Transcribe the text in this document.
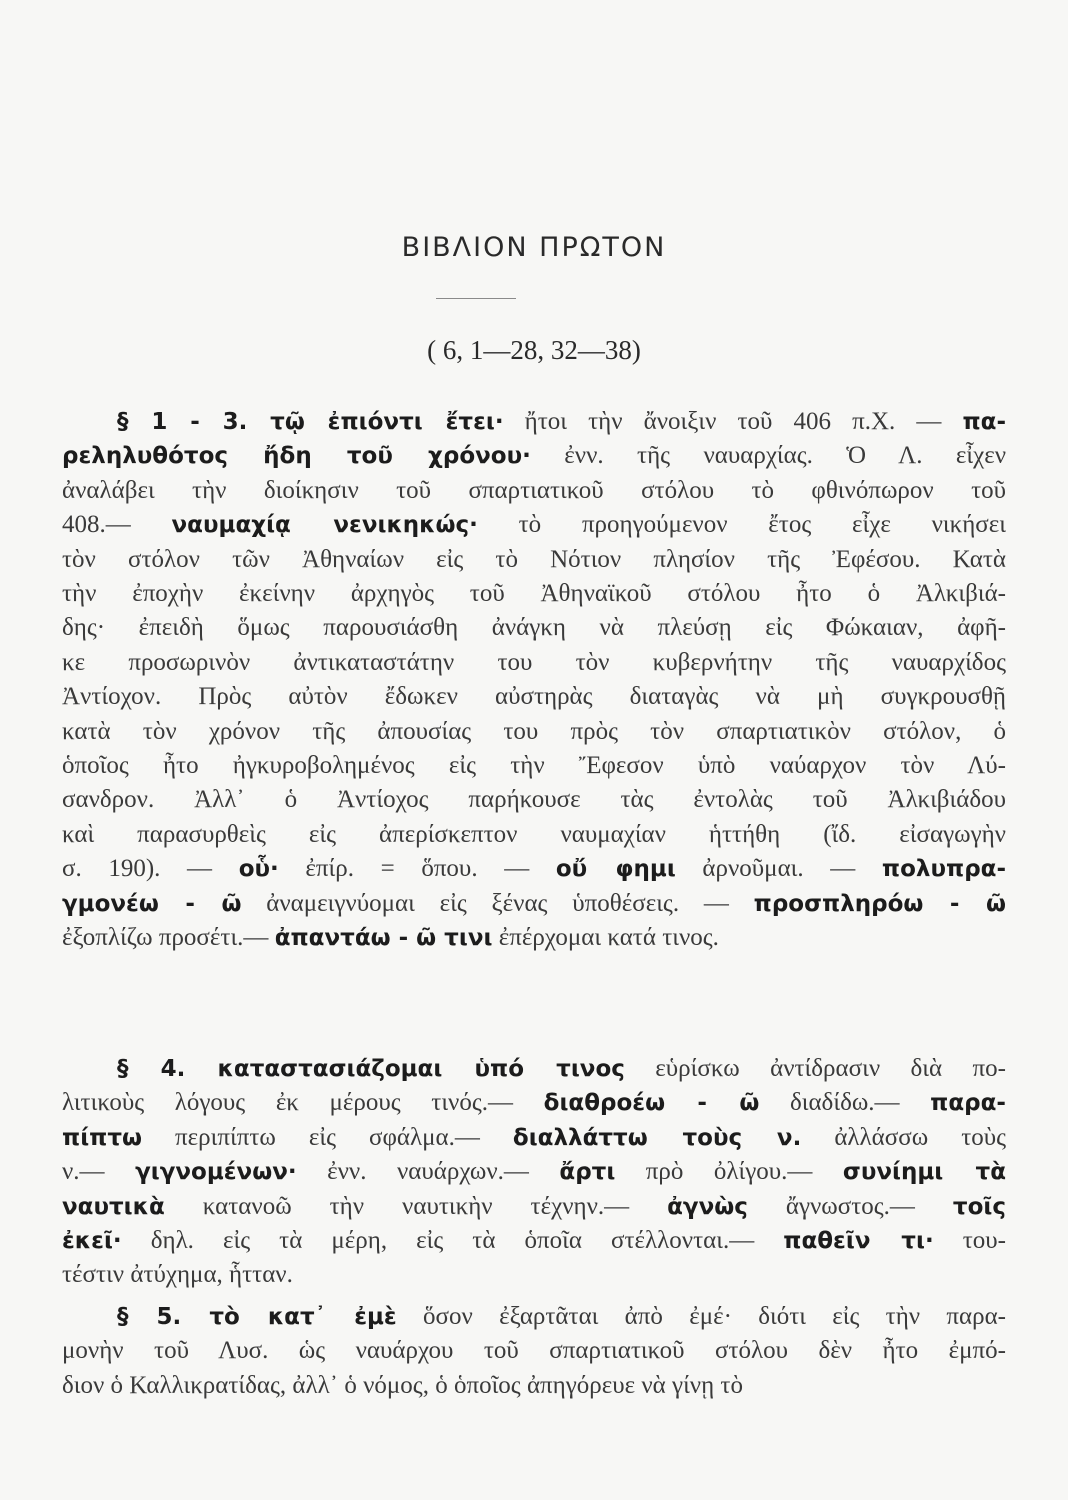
ΒΙΒΛΙΟΝ ΠΡΩΤΟΝ
( 6, 1—28, 32—38)
§ 1 - 3. τῷ ἐπιόντι ἔτει· ἤτοι τὴν ἄνοιξιν τοῦ 406 π.Χ. — πα-
ρεληλυθότος ἤδη τοῦ χρόνου· ἐνν. τῆς ναυαρχίας. Ὁ Λ. εἶχεν
ἀναλάβει τὴν διοίκησιν τοῦ σπαρτιατικοῦ στόλου τὸ φθινόπωρον τοῦ
408.— ναυμαχίᾳ νενικηκώς· τὸ προηγούμενον ἔτος εἶχε νικήσει
τὸν στόλον τῶν Ἀθηναίων εἰς τὸ Νότιον πλησίον τῆς Ἐφέσου. Κατὰ
τὴν ἐποχὴν ἐκείνην ἀρχηγὸς τοῦ Ἀθηναϊκοῦ στόλου ἦτο ὁ Ἀλκιβιά-
δης· ἐπειδὴ ὅμως παρουσιάσθη ἀνάγκη νὰ πλεύσῃ εἰς Φώκαιαν, ἀφῆ-
κε προσωρινὸν ἀντικαταστάτην του τὸν κυβερνήτην τῆς ναυαρχίδος
Ἀντίοχον. Πρὸς αὐτὸν ἔδωκεν αὐστηρὰς διαταγὰς νὰ μὴ συγκρουσθῇ
κατὰ τὸν χρόνον τῆς ἀπουσίας του πρὸς τὸν σπαρτιατικὸν στόλον, ὁ
ὁποῖος ἦτο ἠγκυροβολημένος εἰς τὴν Ἔφεσον ὑπὸ ναύαρχον τὸν Λύ-
σανδρον. Ἀλλ᾽ ὁ Ἀντίοχος παρήκουσε τὰς ἐντολὰς τοῦ Ἀλκιβιάδου
καὶ παρασυρθεὶς εἰς ἀπερίσκεπτον ναυμαχίαν ἡττήθη (ἴδ. εἰσαγωγὴν
σ. 190). — οὗ· ἐπίρ. = ὅπου. — οὔ φημι ἀρνοῦμαι. — πολυπρα-
γμονέω - ῶ ἀναμειγνύομαι εἰς ξένας ὑποθέσεις. — προσπληρόω - ῶ
ἐξοπλίζω προσέτι.— ἀπαντάω - ῶ τινι ἐπέρχομαι κατά τινος.
§ 4. καταστασιάζομαι ὑπό τινος εὑρίσκω ἀντίδρασιν διὰ πο-
λιτικοὺς λόγους ἐκ μέρους τινός.— διαθροέω - ῶ διαδίδω.— παρα-
πίπτω περιπίπτω εἰς σφάλμα.— διαλλάττω τοὺς ν. ἀλλάσσω τοὺς
ν.— γιγνομένων· ἐνν. ναυάρχων.— ἄρτι πρὸ ὀλίγου.— συνίημι τὰ
ναυτικὰ κατανοῶ τὴν ναυτικὴν τέχνην.— ἀγνὼς ἄγνωστος.— τοῖς
ἐκεῖ· δηλ. εἰς τὰ μέρη, εἰς τὰ ὁποῖα στέλλονται.— παθεῖν τι· του-
τέστιν ἀτύχημα, ἧτταν.
§ 5. τὸ κατ᾽ ἐμὲ ὅσον ἐξαρτᾶται ἀπὸ ἐμέ· διότι εἰς τὴν παρα-
μονὴν τοῦ Λυσ. ὡς ναυάρχου τοῦ σπαρτιατικοῦ στόλου δὲν ἦτο ἐμπό-
διον ὁ Καλλικρατίδας, ἀλλ᾽ ὁ νόμος, ὁ ὁποῖος ἀπηγόρευε νὰ γίνῃ τὸ
